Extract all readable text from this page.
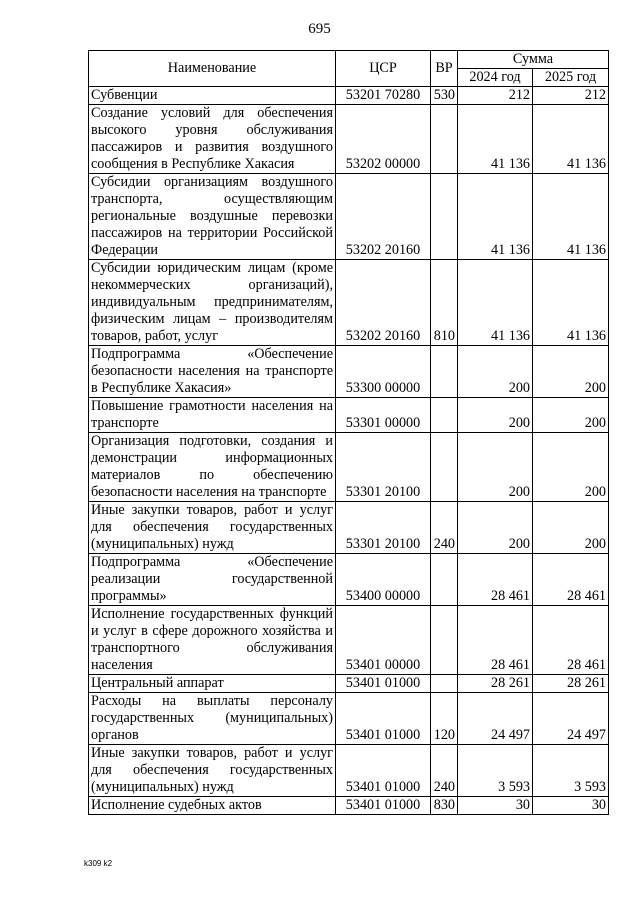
695
Наименование	ЦСР	ВР	Сумма	
			2024 год	2025 год
Субвенции	53201 70280	530	212	212
Создание условий для обеспечения высокого уровня обслуживания пассажиров и развития воздушного сообщения в Республике Хакасия	53202 00000		41 136	41 136
Субсидии организациям воздушного транспорта, осуществляющим региональные воздушные перевозки пассажиров на территории Российской Федерации	53202 20160		41 136	41 136
Субсидии юридическим лицам (кроме некоммерческих организаций), индивидуальным предпринимателям, физическим лицам – производителям товаров, работ, услуг	53202 20160	810	41 136	41 136
Подпрограмма «Обеспечение безопасности населения на транспорте в Республике Хакасия»	53300 00000		200	200
Повышение грамотности населения на транспорте	53301 00000		200	200
Организация подготовки, создания и демонстрации информационных материалов по обеспечению безопасности населения на транспорте	53301 20100		200	200
Иные закупки товаров, работ и услуг для обеспечения государственных (муниципальных) нужд	53301 20100	240	200	200
Подпрограмма «Обеспечение реализации государственной программы»	53400 00000		28 461	28 461
Исполнение государственных функций и услуг в сфере дорожного хозяйства и транспортного обслуживания населения	53401 00000		28 461	28 461
Центральный аппарат	53401 01000		28 261	28 261
Расходы на выплаты персоналу государственных (муниципальных) органов	53401 01000	120	24 497	24 497
Иные закупки товаров, работ и услуг для обеспечения государственных (муниципальных) нужд	53401 01000	240	3 593	3 593
Исполнение судебных актов	53401 01000	830	30	30
k309 k2
